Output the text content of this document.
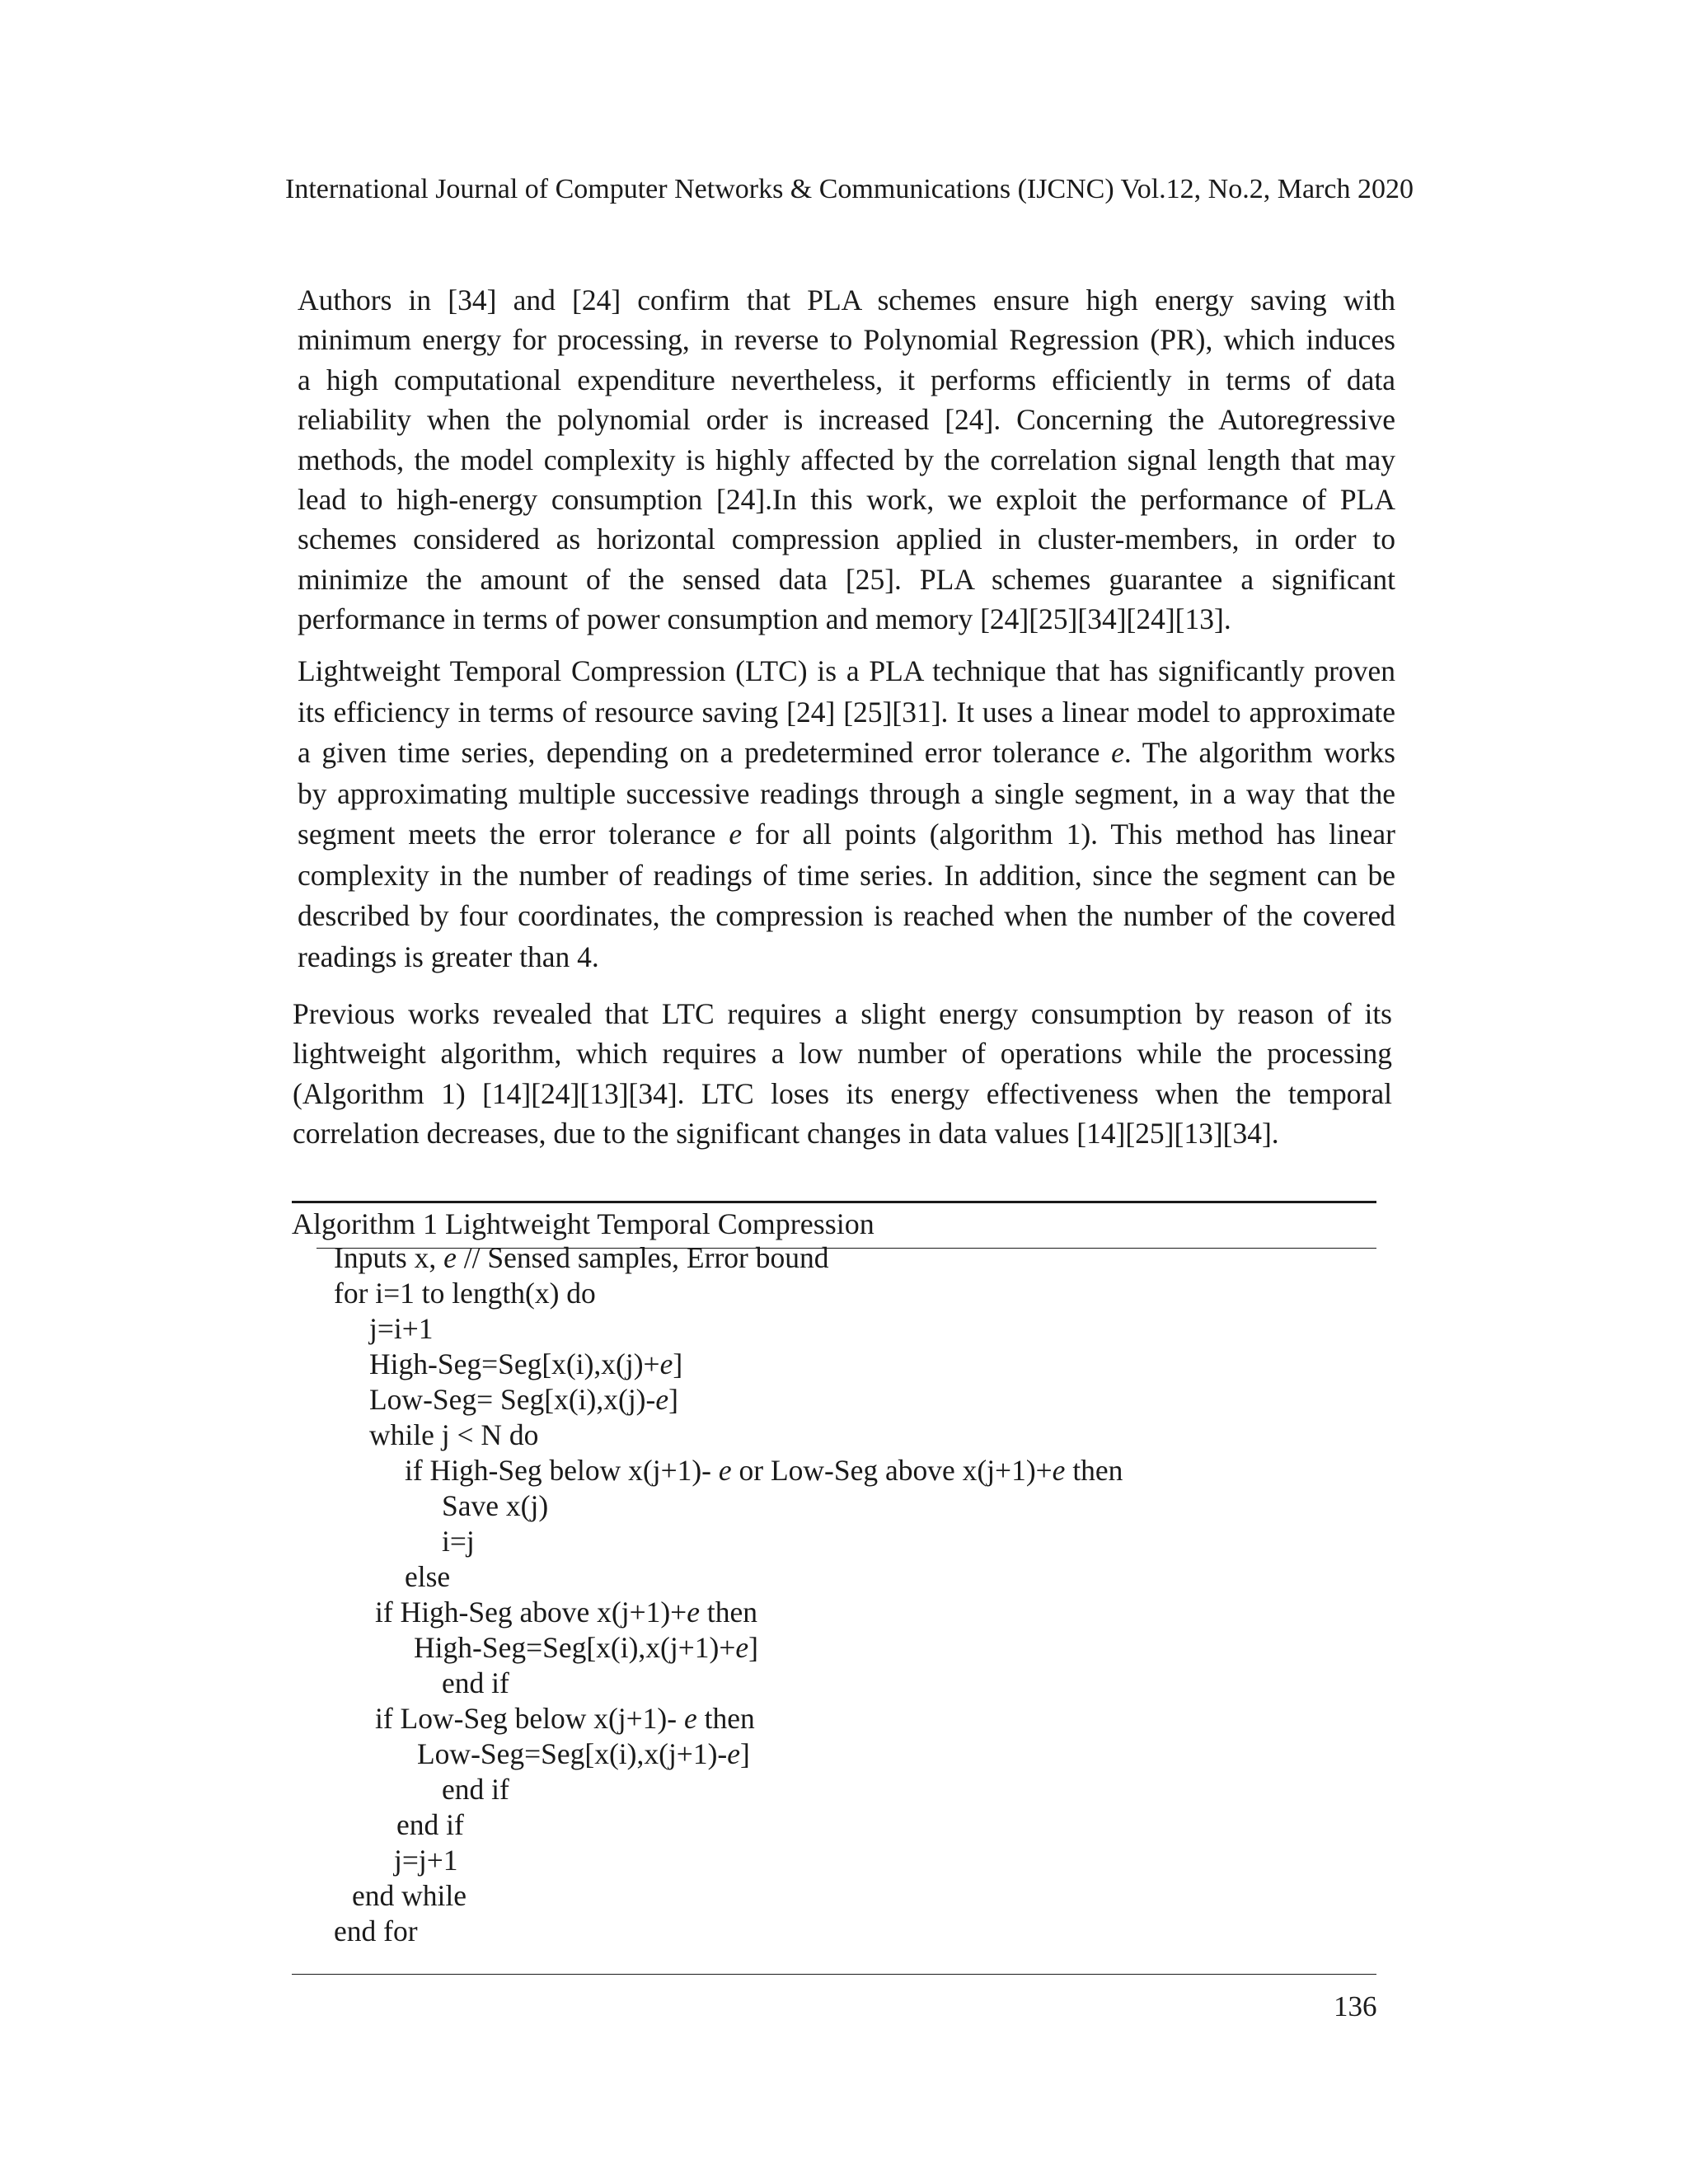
International Journal of Computer Networks & Communications (IJCNC) Vol.12, No.2, March 2020
Authors in [34] and [24] confirm that PLA schemes ensure high energy saving with
minimum energy for processing, in reverse to Polynomial Regression (PR), which induces
a high computational expenditure nevertheless, it performs efficiently in terms of data
reliability when the polynomial order is increased [24]. Concerning the Autoregressive
methods, the model complexity is highly affected by the correlation signal length that may
lead to high-energy consumption [24].In this work, we exploit the performance of PLA
schemes considered as horizontal compression applied in cluster-members, in order to
minimize the amount of the sensed data [25]. PLA schemes guarantee a significant
performance in terms of power consumption and memory [24][25][34][24][13].
Lightweight Temporal Compression (LTC) is a PLA technique that has significantly proven
its efficiency in terms of resource saving [24] [25][31]. It uses a linear model to approximate
a given time series, depending on a predetermined error tolerance e. The algorithm works
by approximating multiple successive readings through a single segment, in a way that the
segment meets the error tolerance e for all points (algorithm 1). This method has linear
complexity in the number of readings of time series. In addition, since the segment can be
described by four coordinates, the compression is reached when the number of the covered
readings is greater than 4.
Previous works revealed that LTC requires a slight energy consumption by reason of its
lightweight algorithm, which requires a low number of operations while the processing
(Algorithm 1) [14][24][13][34]. LTC loses its energy effectiveness when the temporal
correlation decreases, due to the significant changes in data values [14][25][13][34].
Algorithm 1 Lightweight Temporal Compression
Inputs x, e // Sensed samples, Error bound
for i=1 to length(x) do
j=i+1
High-Seg=Seg[x(i),x(j)+e]
Low-Seg= Seg[x(i),x(j)-e]
while j < N do
if High-Seg below x(j+1)- e or Low-Seg above x(j+1)+e then
Save x(j)
i=j
else
if High-Seg above x(j+1)+e then
High-Seg=Seg[x(i),x(j+1)+e]
end if
if Low-Seg below x(j+1)- e then
Low-Seg=Seg[x(i),x(j+1)-e]
end if
end if
j=j+1
end while
end for
136
